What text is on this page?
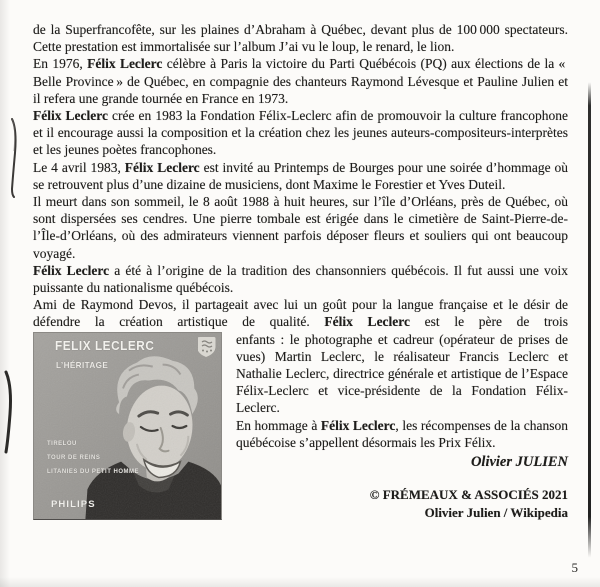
de la Superfrancofête, sur les plaines d’Abraham à Québec, devant plus de 100 000 spectateurs. Cette prestation est immortalisée sur l’album J’ai vu le loup, le renard, le lion.

En 1976, Félix Leclerc célèbre à Paris la victoire du Parti Québécois (PQ) aux élections de la « Belle Province » de Québec, en compagnie des chanteurs Raymond Lévesque et Pauline Julien et il refera une grande tournée en France en 1973.

Félix Leclerc crée en 1983 la Fondation Félix-Leclerc afin de promouvoir la culture francophone et il encourage aussi la composition et la création chez les jeunes auteurs-compositeurs-interprètes et les jeunes poètes francophones.

Le 4 avril 1983, Félix Leclerc est invité au Printemps de Bourges pour une soirée d’hommage où se retrouvent plus d’une dizaine de musiciens, dont Maxime le Forestier et Yves Duteil.

Il meurt dans son sommeil, le 8 août 1988 à huit heures, sur l’île d’Orléans, près de Québec, où sont dispersées ses cendres. Une pierre tombale est érigée dans le cimetière de Saint-Pierre-de-l’Île-d’Orléans, où des admirateurs viennent parfois déposer fleurs et souliers qui ont beaucoup voyagé.

Félix Leclerc a été à l’origine de la tradition des chansonniers québécois. Il fut aussi une voix puissante du nationalisme québécois.

Ami de Raymond Devos, il partageait avec lui un goût pour la langue française et le désir de défendre la création artistique de qualité. Félix Leclerc est le père de trois

FELIX LECLERC
L’HÉRITAGE
TIRELOU
TOUR DE REINS
LITANIES DU PETIT HOMME
PHILIPS

enfants : le photographe et cadreur (opérateur de prises de vues) Martin Leclerc, le réalisateur Francis Leclerc et Nathalie Leclerc, directrice générale et artistique de l’Espace Félix-Leclerc et vice-présidente de la Fondation Félix-Leclerc.

En hommage à Félix Leclerc, les récompenses de la chanson québécoise s’appellent désormais les Prix Félix.

Olivier JULIEN
© FRÉMEAUX & ASSOCIÉS 2021
Olivier Julien / Wikipedia
5
